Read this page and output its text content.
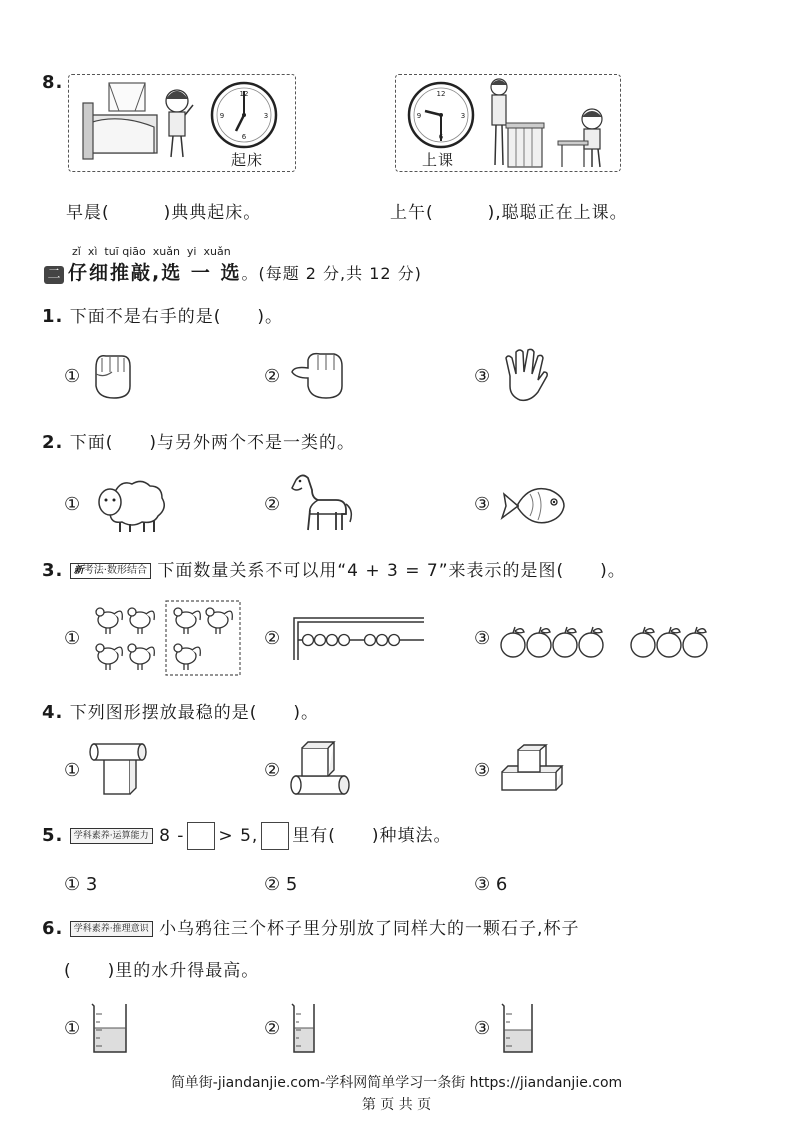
8.
12
6
9	3
起床
12
6
9	3
上课
早晨(　　　)典典起床。	上午(　　　),聪聪正在上课。
zǐ  xì  tuī qiāo  xuǎn  yi  xuǎn
二 仔细推敲,选 一 选。(每题 2 分,共 12 分)
1. 下面不是右手的是(　　)。
①	②	③
2. 下面(　　)与另外两个不是一类的。
①	②	③
3. 新考法·数形结合 下面数量关系不可以用“4 + 3 = 7”来表示的是图(　　)。
①	②	③
4. 下列图形摆放最稳的是(　　)。
①	②	③
5. 学科素养·运算能力 8 - > 5, 里有(　　)种填法。
① 3	② 5	③ 6
6. 学科素养·推理意识 小乌鸦往三个杯子里分别放了同样大的一颗石子,杯子
(　　)里的水升得最高。
①	②	③
简单街-jiandanjie.com-学科网简单学习一条街 https://jiandanjie.com
第 页 共 页
